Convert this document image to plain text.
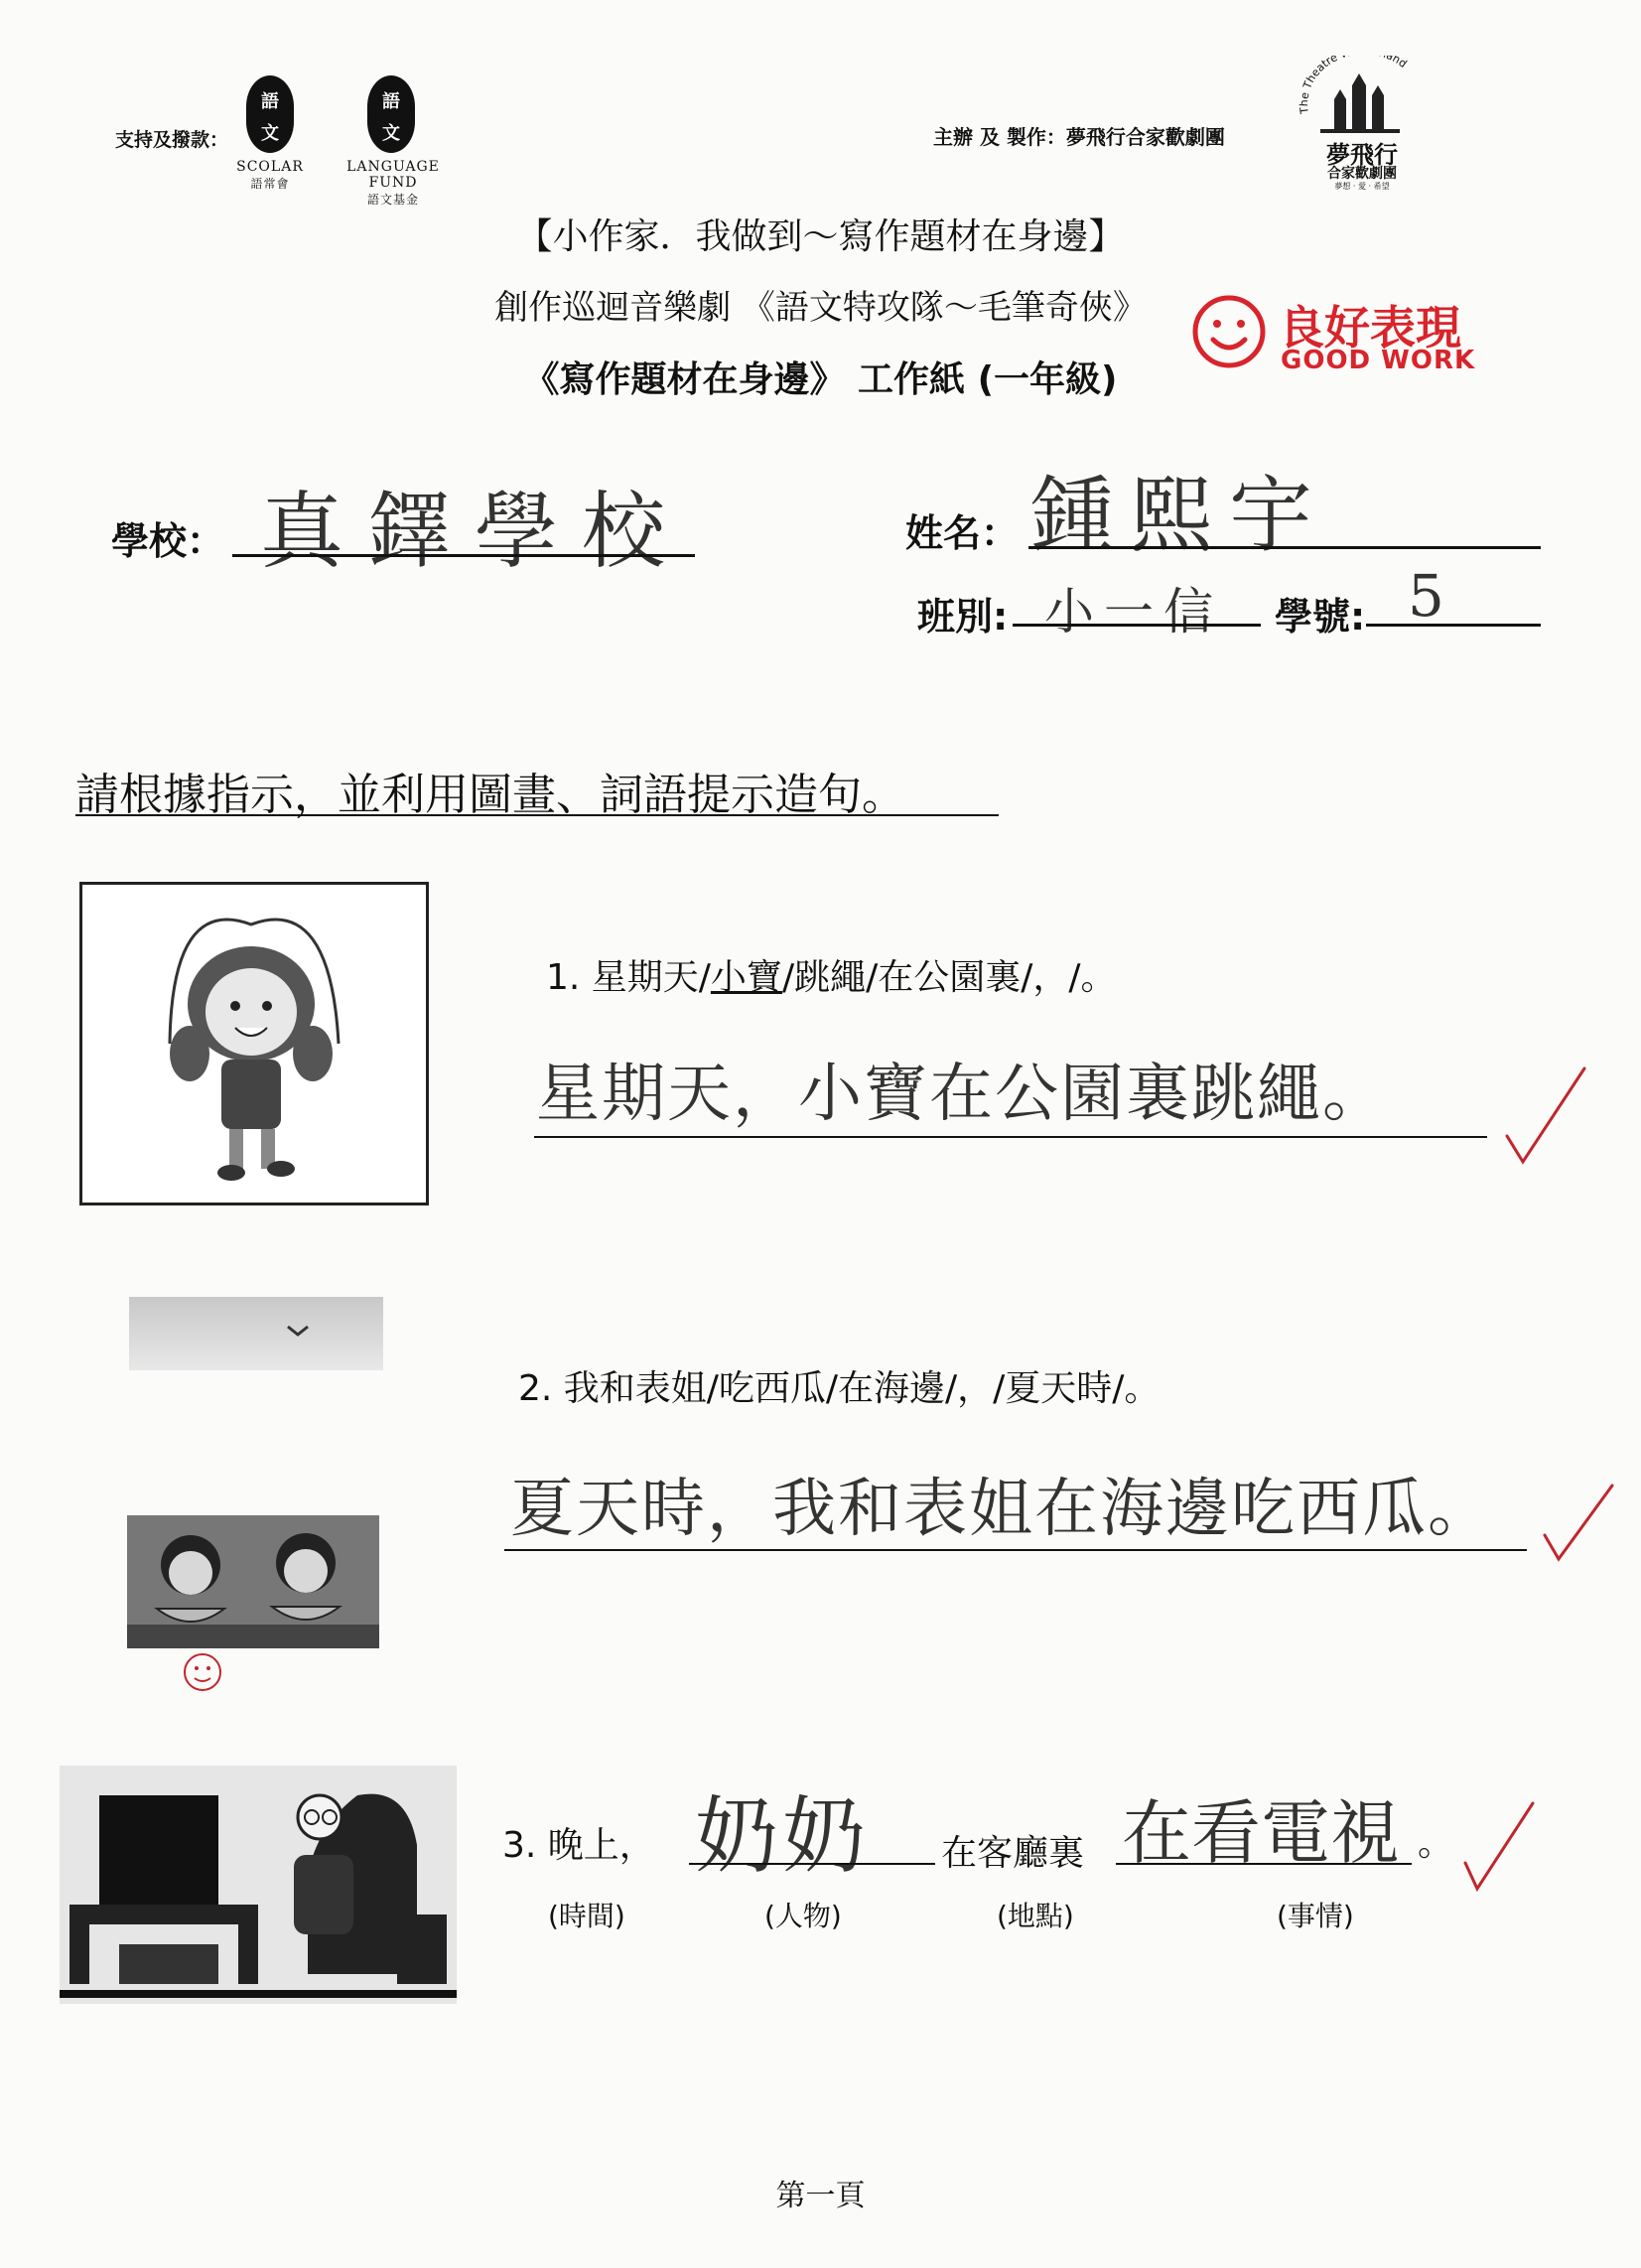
支持及撥款：
語
文
SCOLAR
語常會
語
文
LANGUAGE FUND
語文基金
主辦 及 製作：夢飛行合家歡劇團
The Theatre and
夢飛行
合家歡劇團
夢想 · 愛 · 希望
【小作家．我做到～寫作題材在身邊】
創作巡迴音樂劇 《語文特攻隊～毛筆奇俠》
《寫作題材在身邊》 工作紙 (一年級)
良好表現
GOOD WORK
學校： 真鐸學校	姓名： 鍾熙宇
班別: 小一信 學號: 5
請根據指示，並利用圖畫、詞語提示造句。
1. 星期天/小寶/跳繩/在公園裏/，/。
星期天，小寶在公園裏跳繩。
2. 我和表姐/吃西瓜/在海邊/，/夏天時/。
夏天時，我和表姐在海邊吃西瓜。
3. 晚上， 奶奶 在客廳裏 在看電視 。
(時間)	(人物)	(地點)	(事情)
第一頁
